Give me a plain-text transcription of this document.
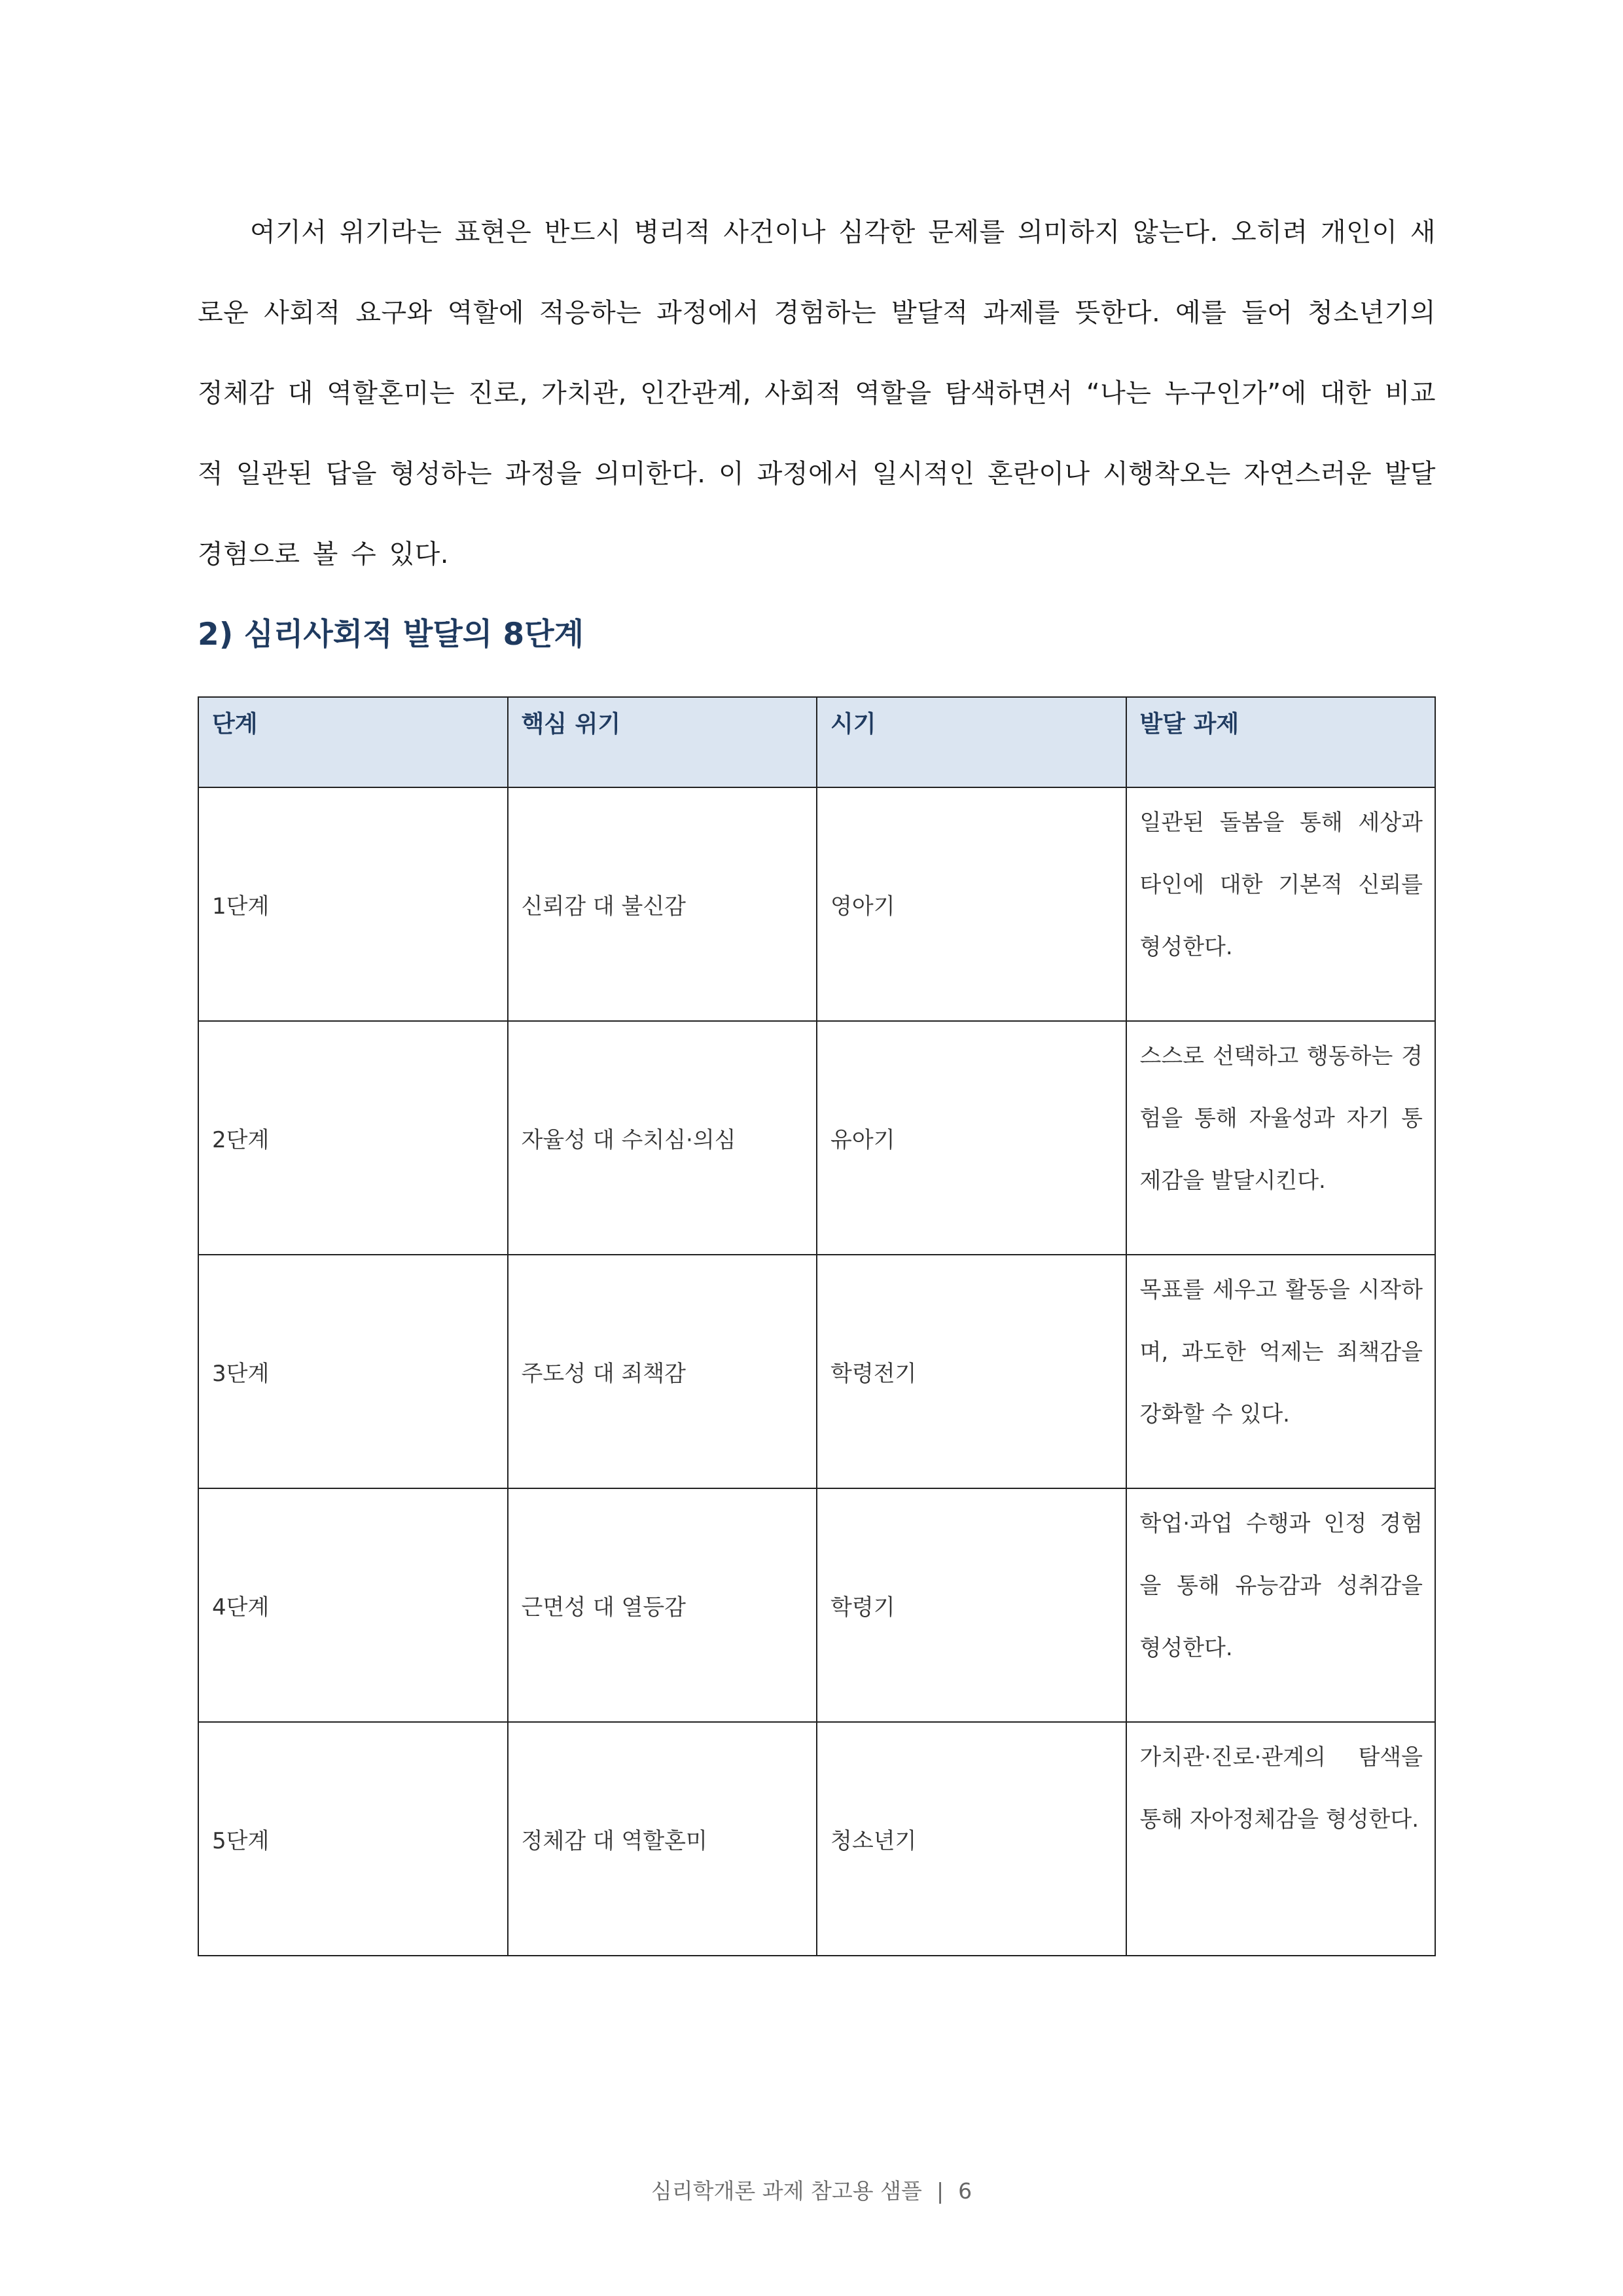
여기서 위기라는 표현은 반드시 병리적 사건이나 심각한 문제를 의미하지 않는다. 오히려 개인이 새로운 사회적 요구와 역할에 적응하는 과정에서 경험하는 발달적 과제를 뜻한다. 예를 들어 청소년기의 정체감 대 역할혼미는 진로, 가치관, 인간관계, 사회적 역할을 탐색하면서 “나는 누구인가”에 대한 비교적 일관된 답을 형성하는 과정을 의미한다. 이 과정에서 일시적인 혼란이나 시행착오는 자연스러운 발달 경험으로 볼 수 있다.

2) 심리사회적 발달의 8단계
단계	핵심 위기	시기	발달 과제
1단계	신뢰감 대 불신감	영아기	일관된 돌봄을 통해 세상과 타인에 대한 기본적 신뢰를 형성한다.
2단계	자율성 대 수치심·의심	유아기	스스로 선택하고 행동하는 경험을 통해 자율성과 자기 통제감을 발달시킨다.
3단계	주도성 대 죄책감	학령전기	목표를 세우고 활동을 시작하며, 과도한 억제는 죄책감을 강화할 수 있다.
4단계	근면성 대 열등감	학령기	학업·과업 수행과 인정 경험을 통해 유능감과 성취감을 형성한다.
5단계	정체감 대 역할혼미	청소년기	가치관·진로·관계의 탐색을 통해 자아정체감을 형성한다.
심리학개론 과제 참고용 샘플 | 6
